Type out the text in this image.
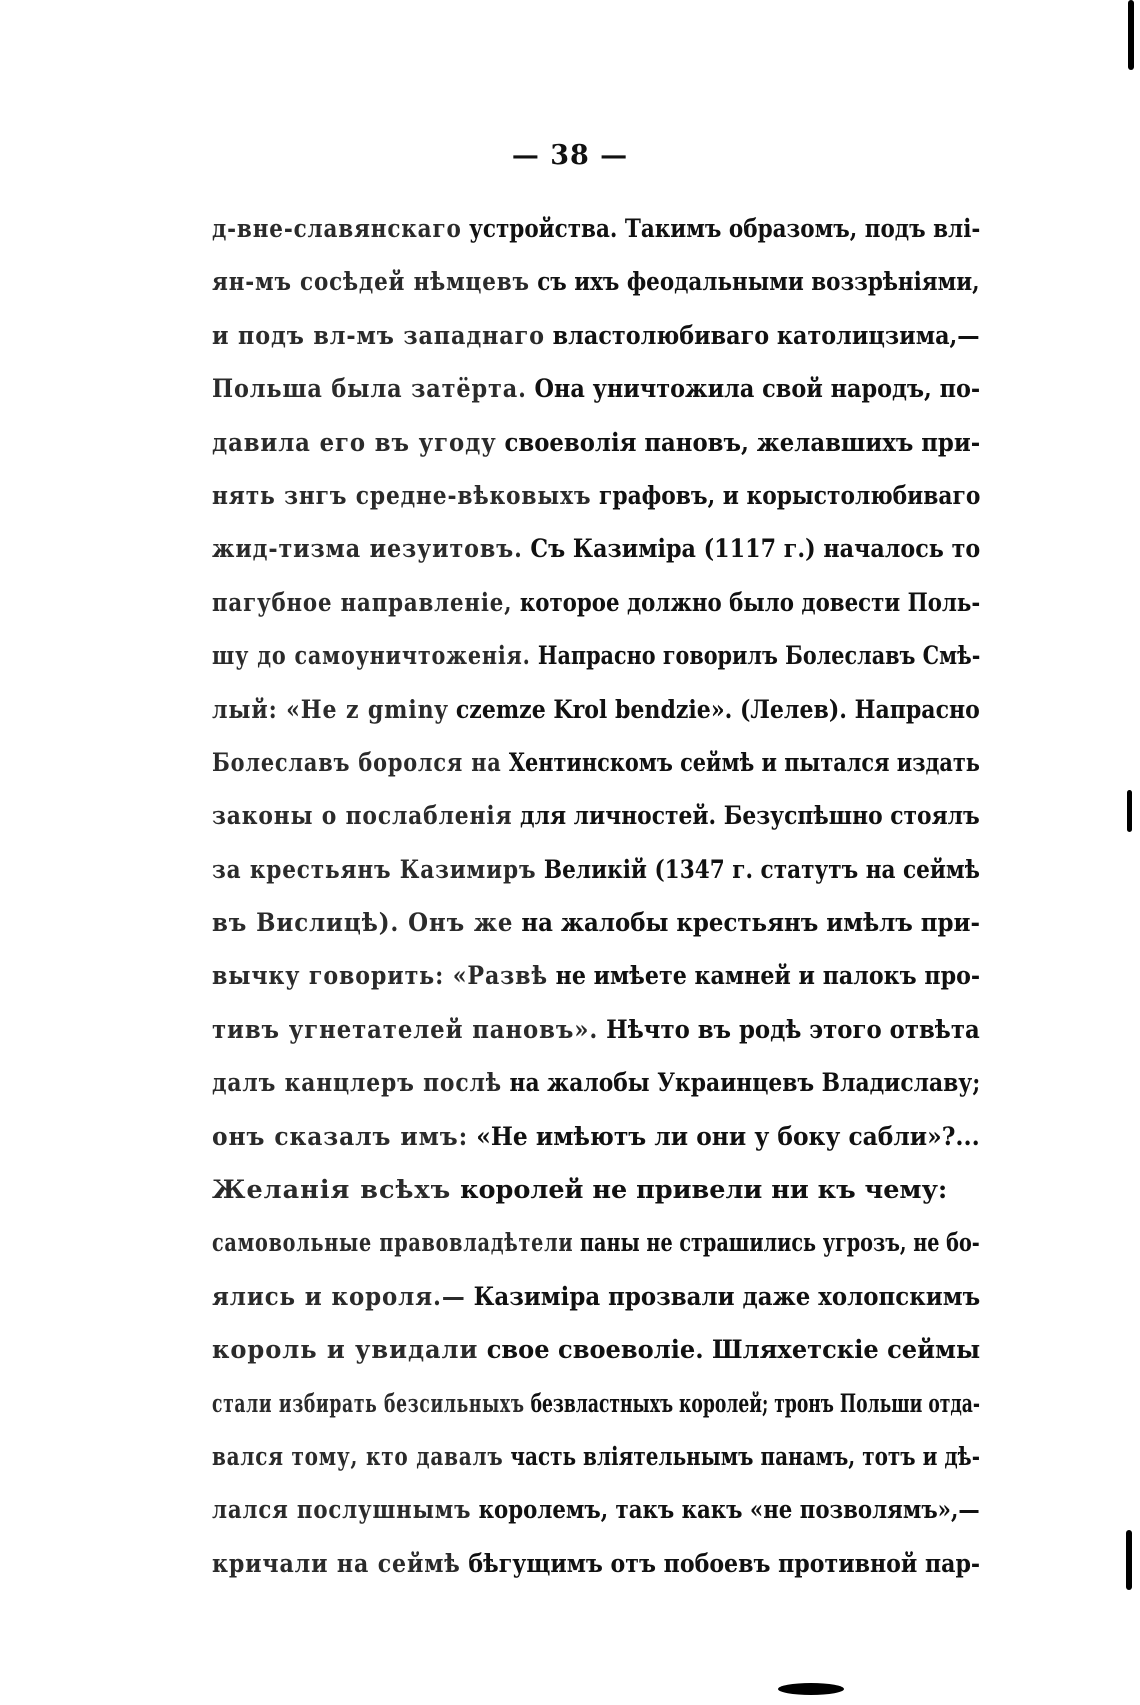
— 38 —
д-вне-славянскаго устройства. Такимъ образомъ, подъ влі-
ян-мъ сосѣдей нѣмцевъ съ ихъ феодальными воззрѣніями,
и подъ вл-мъ западнаго властолюбиваго католицзима,—
Польша была затёрта. Она уничтожила свой народъ, по-
давила его въ угоду своеволія пановъ, желавшихъ при-
нять знгъ средне-вѣковыхъ графовъ, и корыстолюбиваго
жид-тизма иезуитовъ. Съ Казиміра (1117 г.) началось то
пагубное направленіе, которое должно было довести Поль-
шу до самоуничтоженія. Напрасно говорилъ Болеславъ Смѣ-
лый: «Не z gminy czemze Krol bendzie». (Лелев). Напрасно
Болеславъ боролся на Хентинскомъ сеймѣ и пытался издать
законы о послабленія для личностей. Безуспѣшно стоялъ
за крестьянъ Казимиръ Великій (1347 г. статутъ на сеймѣ
въ Вислицѣ). Онъ же на жалобы крестьянъ имѣлъ при-
вычку говорить: «Развѣ не имѣете камней и палокъ про-
тивъ угнетателей пановъ». Нѣчто въ родѣ этого отвѣта
далъ канцлеръ послѣ на жалобы Украинцевъ Владиславу;
онъ сказалъ имъ: «Не имѣютъ ли они у боку сабли»?...
Желанія всѣхъ королей не привели ни къ чему:
самовольные правовладѣтели паны не страшились угрозъ, не бо-
ялись и короля.— Казиміра прозвали даже холопскимъ
король и увидали свое своеволіе. Шляхетскіе сеймы
стали избирать безсильныхъ безвластныхъ королей; тронъ Польши отда-
вался тому, кто давалъ часть вліятельнымъ панамъ, тотъ и дѣ-
лался послушнымъ королемъ, такъ какъ «не позволямъ»,—
кричали на сеймѣ бѣгущимъ отъ побоевъ противной пар-
